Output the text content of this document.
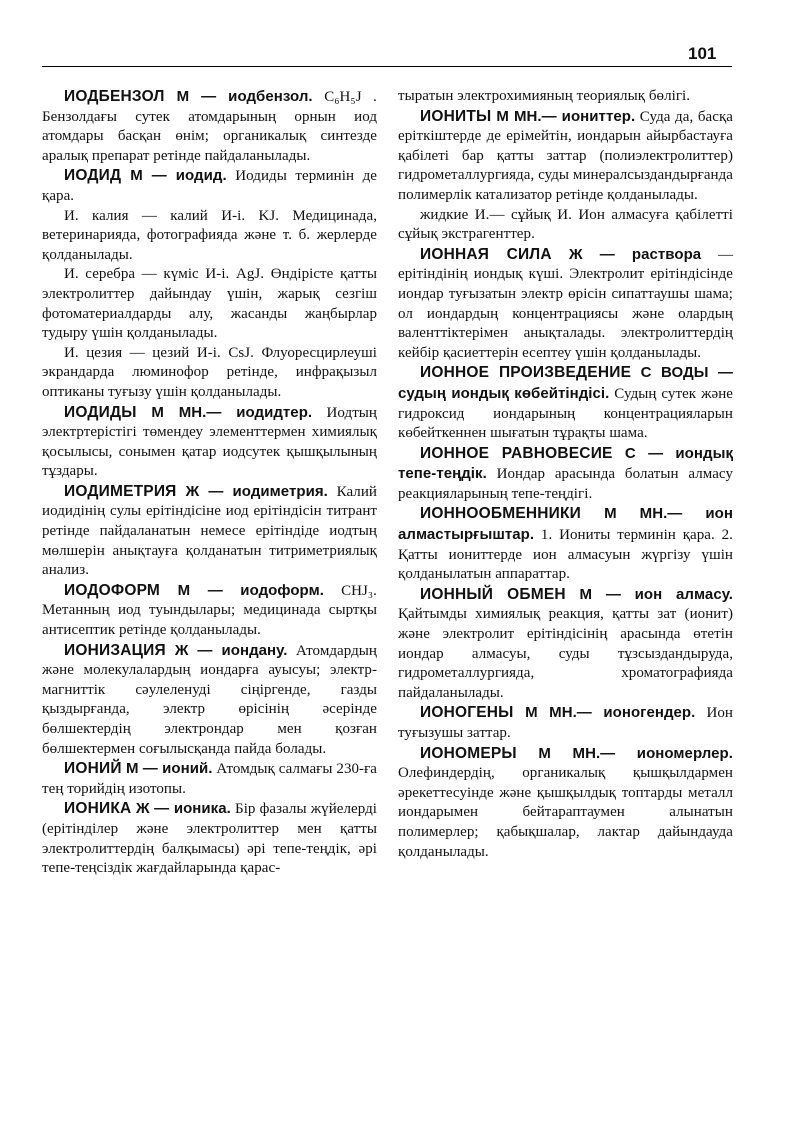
101

ИОДБЕНЗОЛ М — иодбензол. C₆H₅J . Бензолдағы сутек атомдарының орнын иод атомдары басқан өнім; органикалық синтезде аралық препарат ретінде пайдаланылады.

ИОДИД М — иодид. Иодиды терминін де қара.

И. калия — калий И-і. KJ. Медицинада, ветеринарияда, фотографияда және т. б. жерлерде қолданылады.

И. серебра — күміс И-і. AgJ. Өндірісте қатты электролиттер дайындау үшін, жарық сезгіш фотоматериалдарды алу, жасанды жаңбырлар тудыру үшін қолданылады.

И. цезия — цезий И-і. CsJ. Флуоресцирлеуші экрандарда люминофор ретінде, инфрақызыл оптиканы туғызу үшін қолданылады.

ИОДИДЫ М МН.— иодидтер. Иодтың электртерістігі төмендеу элементтермен химиялық қосылысы, сонымен қатар иодсутек қышқылының тұздары.

ИОДИМЕТРИЯ Ж — иодиметрия. Калий иодидінің сулы ерітіндісіне иод ерітіндісін титрант ретінде пайдаланатын немесе ерітіндіде иодтың мөлшерін анықтауға қолданатын титриметриялық анализ.

ИОДОФОРМ М — иодоформ. CHJ₃. Метанның иод туындылары; медицинада сыртқы антисептик ретінде қолданылады.

ИОНИЗАЦИЯ Ж — иондану. Атомдардың және молекулалардың иондарға ауысуы; электр-магниттік сәулеленуді сіңіргенде, газды қыздырғанда, электр өрісінің әсерінде бөлшектердің электрондар мен қозған бөлшектермен соғылысқанда пайда болады.

ИОНИЙ М — ионий. Атомдық салмағы 230-ға тең торийдің изотопы.

ИОНИКА Ж — ионика. Бір фазалы жүйелерді (ерітінділер және электролиттер мен қатты электролиттердің балқымасы) әрі тепе-теңдік, әрі тепе-теңсіздік жағдайларында қарас-

тыратын электрохимияның теориялық бөлігі.

ИОНИТЫ М МН.— иониттер. Суда да, басқа еріткіштерде де ерімейтін, иондарын айырбастауға қабілеті бар қатты заттар (полиэлектролиттер) гидрометаллургияда, суды минералсыздандырғанда полимерлік катализатор ретінде қолданылады.

жидкие И.— сұйық И. Ион алмасуға қабілетті сұйық экстрагенттер.

ИОННАЯ СИЛА Ж — раствора — ерітіндінің иондық күші. Электролит ерітіндісінде иондар туғызатын электр өрісін сипаттаушы шама; ол иондардың концентрациясы және олардың валенттіктерімен анықталады. электролиттердің кейбір қасиеттерін есептеу үшін қолданылады.

ИОННОЕ ПРОИЗВЕДЕНИЕ С ВОДЫ — судың иондық көбейтіндісі. Судың сутек және гидроксид иондарының концентрацияларын көбейткеннен шығатын тұрақты шама.

ИОННОЕ РАВНОВЕСИЕ С — иондық тепе-теңдік. Иондар арасында болатын алмасу реакцияларының тепе-теңдігі.

ИОННООБМЕННИКИ М МН.— ион алмастырғыштар. 1. Иониты терминін қара. 2. Қатты иониттерде ион алмасуын жүргізу үшін қолданылатын аппараттар.

ИОННЫЙ ОБМЕН М — ион алмасу. Қайтымды химиялық реакция, қатты зат (ионит) және электролит ерітіндісінің арасында өтетін иондар алмасуы, суды тұзсыздандыруда, гидрометаллургияда, хроматографияда пайдаланылады.

ИОНОГЕНЫ М МН.— ионогендер. Ион туғызушы заттар.

ИОНОМЕРЫ М МН.— иономерлер. Олефиндердің, органикалық қышқылдармен әрекеттесуінде және қышқылдық топтарды металл иондарымен бейтараптаумен алынатын полимерлер; қабықшалар, лактар дайындауда қолданылады.
